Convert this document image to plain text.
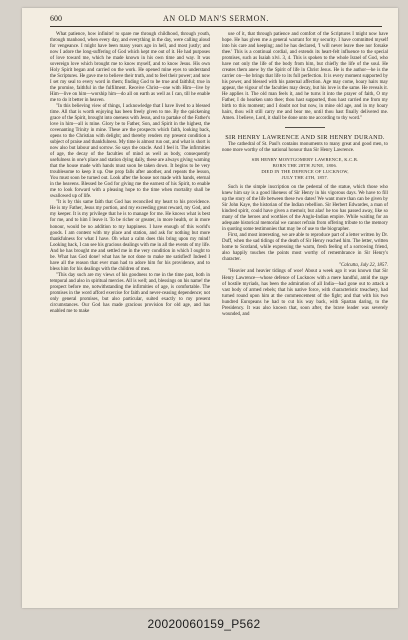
600	AN OLD MAN'S SERMON.

What patience, how infinite! to spare me through childhood, through youth, through manhood, when every day, and everything in the day, were calling aloud for vengeance. I might have been many years ago in hell, and most justly; and now I adore the long-suffering of God which kept me out of it. He had purposes of love toward me, which he made known in his own time and way. It was sovereign love which brought me to know myself, and to know Jesus. His own Holy Spirit began and carried on the work. He opened mine eyes to understand the Scriptures. He gave me to believe their truth, and to feel their power; and now I set my seal to every word in them; finding God to be true and faithful; true in the promise, faithful in the fulfilment. Receive Christ—one with Him—live by Him—live on him—worship him—do all on earth as well as I can, till he enable me to do it better in heaven.

"In this believing view of things, I acknowledge that I have lived to a blessed time. All that is worth enjoying has been freely given to me. By the quickening grace of the Spirit, brought into oneness with Jesus, and to partake of the Father's love in him—all is mine. Glory be to Father, Son, and Spirit in the highest, the covenanting Trinity in mine. These are the prospects which faith, looking back, opens to the Christian with delight; and thereby renders my present condition a subject of praise and thankfulness. My time is almost run out, and what is short is now also but labour and sorrow. So says the oracle. And I feel it. The infirmities of age, the decay of the faculties of mind as well as body, consequently usefulness in one's place and station dying daily, these are always giving warning that the house made with hands must soon be taken down. It begins to be very troublesome to keep it up. One prop falls after another, and repeats the lesson, You must soon be turned out. Look after the house not made with hands, eternal in the heavens. Blessed be God for giving me the earnest of his Spirit, to enable me to look forward with a pleasing hope to the time when mortality shall be swallowed up of life.

"It is by this same faith that God has reconciled my heart to his providence. He is my Father, Jesus my portion, and my exceeding great reward, my God, and my keeper. It is my privilege that he is to manage for me. He knows what is best for me, and to him I leave it. To be richer or greater, in more health, or in more honour, would be no addition to my happiness. I have enough of this world's goods. I am content with my place and station, and ask for nothing but more thankfulness for what I have. Oh what a calm does this bring upon my mind! Looking back, I can see his gracious dealings with me in all the events of my life. And he has brought me and settled me in the very condition in which I ought to be. What has God done! what has he not done to make me satisfied! Indeed I have all the reason that ever man had to adore him for his providence, and to bless him for his dealings with the children of men.

"This day such are my views of his goodness to me in the time past, both in temporal and also in spiritual mercies. All is well; and, blessings on his name! the prospect before me, notwithstanding the infirmities of age, is comfortable. The promises in the word afford exercise for faith and never-ceasing dependence; not only general promises, but also particular, suited exactly to my present circumstances. Our God has made gracious provision for old age, and has enabled me to make

use of it, that through patience and comfort of the Scriptures I might now have hope. He has given me a general warrant for my security. I have committed myself into his care and keeping; and he has declared, 'I will never leave thee nor forsake thee.' This is a continual cordial, and extends its heart-felt influence to the special promises, such as Isaiah xlvi. 3, 4. This is spoken to the whole Israel of God, who have not only the life of the body from him, but chiefly the life of the soul. He creates them anew by the Spirit of life in Christ Jesus. He is the author—he is the carrier on—he brings that life to its full perfection. It is every moment supported by his power, and blessed with his paternal affection. Age may come, hoary hairs may appear, the vigour of the faculties may decay, but his love is the same. He reveals it. He applies it. The old man feels it, and he turns it into the prayer of faith, O my Father, I do hearken unto thee; thou hast supported, thou hast carried me from my birth to this moment; and I doubt not but now, in mine old age, and in my hoary hairs, thou wilt still carry me and bear me, until thou hast finally delivered me. Amen. I believe, Lord, it shall be done unto me according to thy word."

SIR HENRY LAWRENCE AND SIR HENRY DURAND.

The cathedral of St. Paul's contains monuments to many great and good men, to none more worthy of the national honour than Sir Henry Lawrence.

SIR HENRY MONTGOMERY LAWRENCE, K.C.B.

BORN THE 28TH JUNE, 1806.

DIED IN THE DEFENCE OF LUCKNOW,

JULY THE 4TH, 1857.

Such is the simple inscription on the pedestal of the statue, which those who knew him say is a good likeness of Sir Henry in his vigorous days. We have to fill up the story of the life between these two dates! We want more than can be given by Sir John Kaye, the historian of the Indian rebellion. Sir Herbert Edwardes, a man of kindred spirit, could have given a memoir, but alas! he too has passed away, like so many of the heroes and worthies of the Anglo-Indian empire. While waiting for an adequate historical memorial we cannot refrain from offering tribute to the memory in quoting some testimonies that may be of use to the biographer.

First, and most interesting, we are able to reproduce part of a letter written by Dr. Duff, when the sad tidings of the death of Sir Henry reached him. The letter, written home to Scotland, while expressing the warm, fresh feeling of a sorrowing friend, also happily touches the points most worthy of remembrance in Sir Henry's character.

"Calcutta, July 22, 1857.

"Heavier and heavier tidings of woe! About a week ago it was known that Sir Henry Lawrence—whose defence of Lucknow with a mere handful, amid the rage of hostile myriads, has been the admiration of all India—had gone out to attack a vast body of armed rebels; that his native force, with characteristic treachery, had turned round upon him at the commencement of the fight; and that with his two hundred Europeans he had to cut his way back, with Spartan daring, to the Presidency. It was also known that, soon after, the brave leader was severely wounded, and

20020060159_P562
